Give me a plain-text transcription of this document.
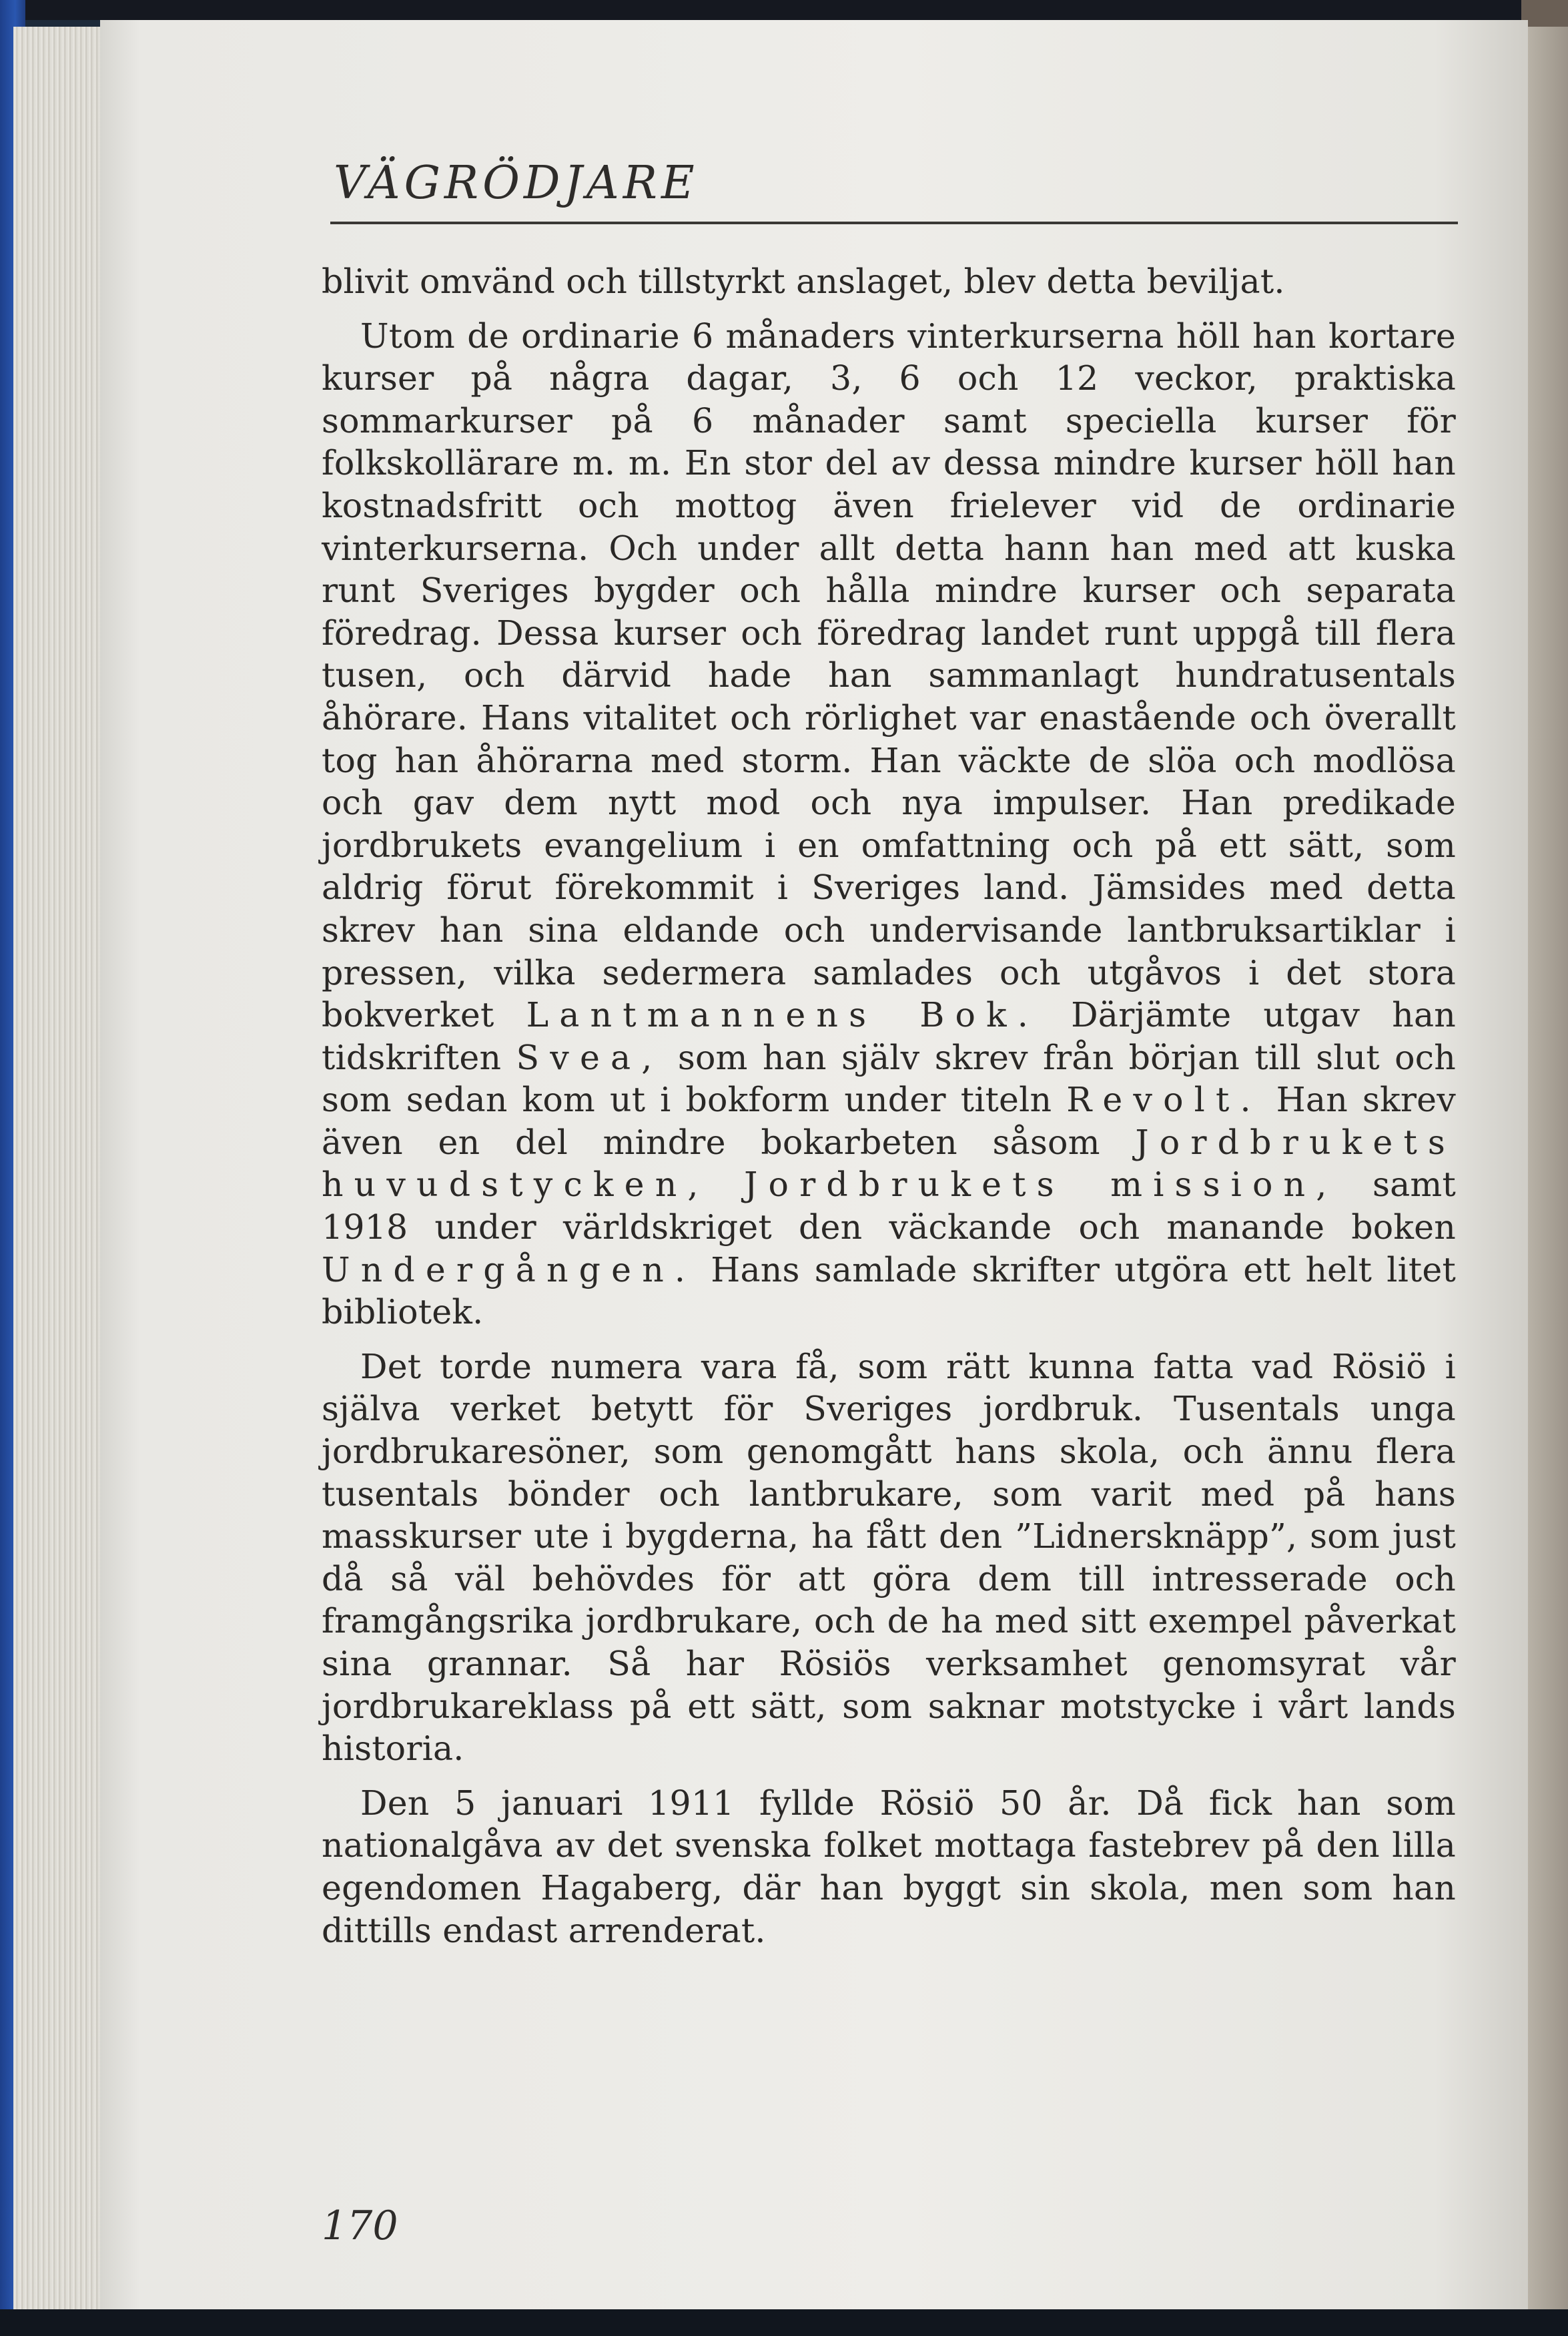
VÄGRÖDJARE

blivit omvänd och tillstyrkt anslaget, blev detta beviljat.

Utom de ordinarie 6 månaders vinterkurserna höll han kortare kurser på några dagar, 3, 6 och 12 veckor, praktiska sommarkurser på 6 månader samt speciella kurser för folkskollärare m. m. En stor del av dessa mindre kurser höll han kostnadsfritt och mottog även frielever vid de ordinarie vinterkurserna. Och under allt detta hann han med att kuska runt Sveriges bygder och hålla mindre kurser och separata föredrag. Dessa kurser och föredrag landet runt uppgå till flera tusen, och därvid hade han sammanlagt hundratusentals åhörare. Hans vitalitet och rörlighet var enastående och överallt tog han åhörarna med storm. Han väckte de slöa och modlösa och gav dem nytt mod och nya impulser. Han predikade jordbrukets evangelium i en omfattning och på ett sätt, som aldrig förut förekommit i Sveriges land. Jämsides med detta skrev han sina eldande och undervisande lantbruksartiklar i pressen, vilka sedermera samlades och utgåvos i det stora bokverket Lantmannens Bok. Därjämte utgav han tidskriften Svea, som han själv skrev från början till slut och som sedan kom ut i bokform under titeln Revolt. Han skrev även en del mindre bokarbeten såsom Jordbrukets huvudstycken, Jordbrukets mission, samt 1918 under världskriget den väckande och manande boken Undergången. Hans samlade skrifter utgöra ett helt litet bibliotek.

Det torde numera vara få, som rätt kunna fatta vad Rösiö i själva verket betytt för Sveriges jordbruk. Tusentals unga jordbrukaresöner, som genomgått hans skola, och ännu flera tusentals bönder och lantbrukare, som varit med på hans masskurser ute i bygderna, ha fått den ”Lidnersknäpp”, som just då så väl behövdes för att göra dem till intresserade och framgångsrika jordbrukare, och de ha med sitt exempel påverkat sina grannar. Så har Rösiös verksamhet genomsyrat vår jordbrukareklass på ett sätt, som saknar motstycke i vårt lands historia.

Den 5 januari 1911 fyllde Rösiö 50 år. Då fick han som nationalgåva av det svenska folket mottaga fastebrev på den lilla egendomen Hagaberg, där han byggt sin skola, men som han dittills endast arrenderat.

170
